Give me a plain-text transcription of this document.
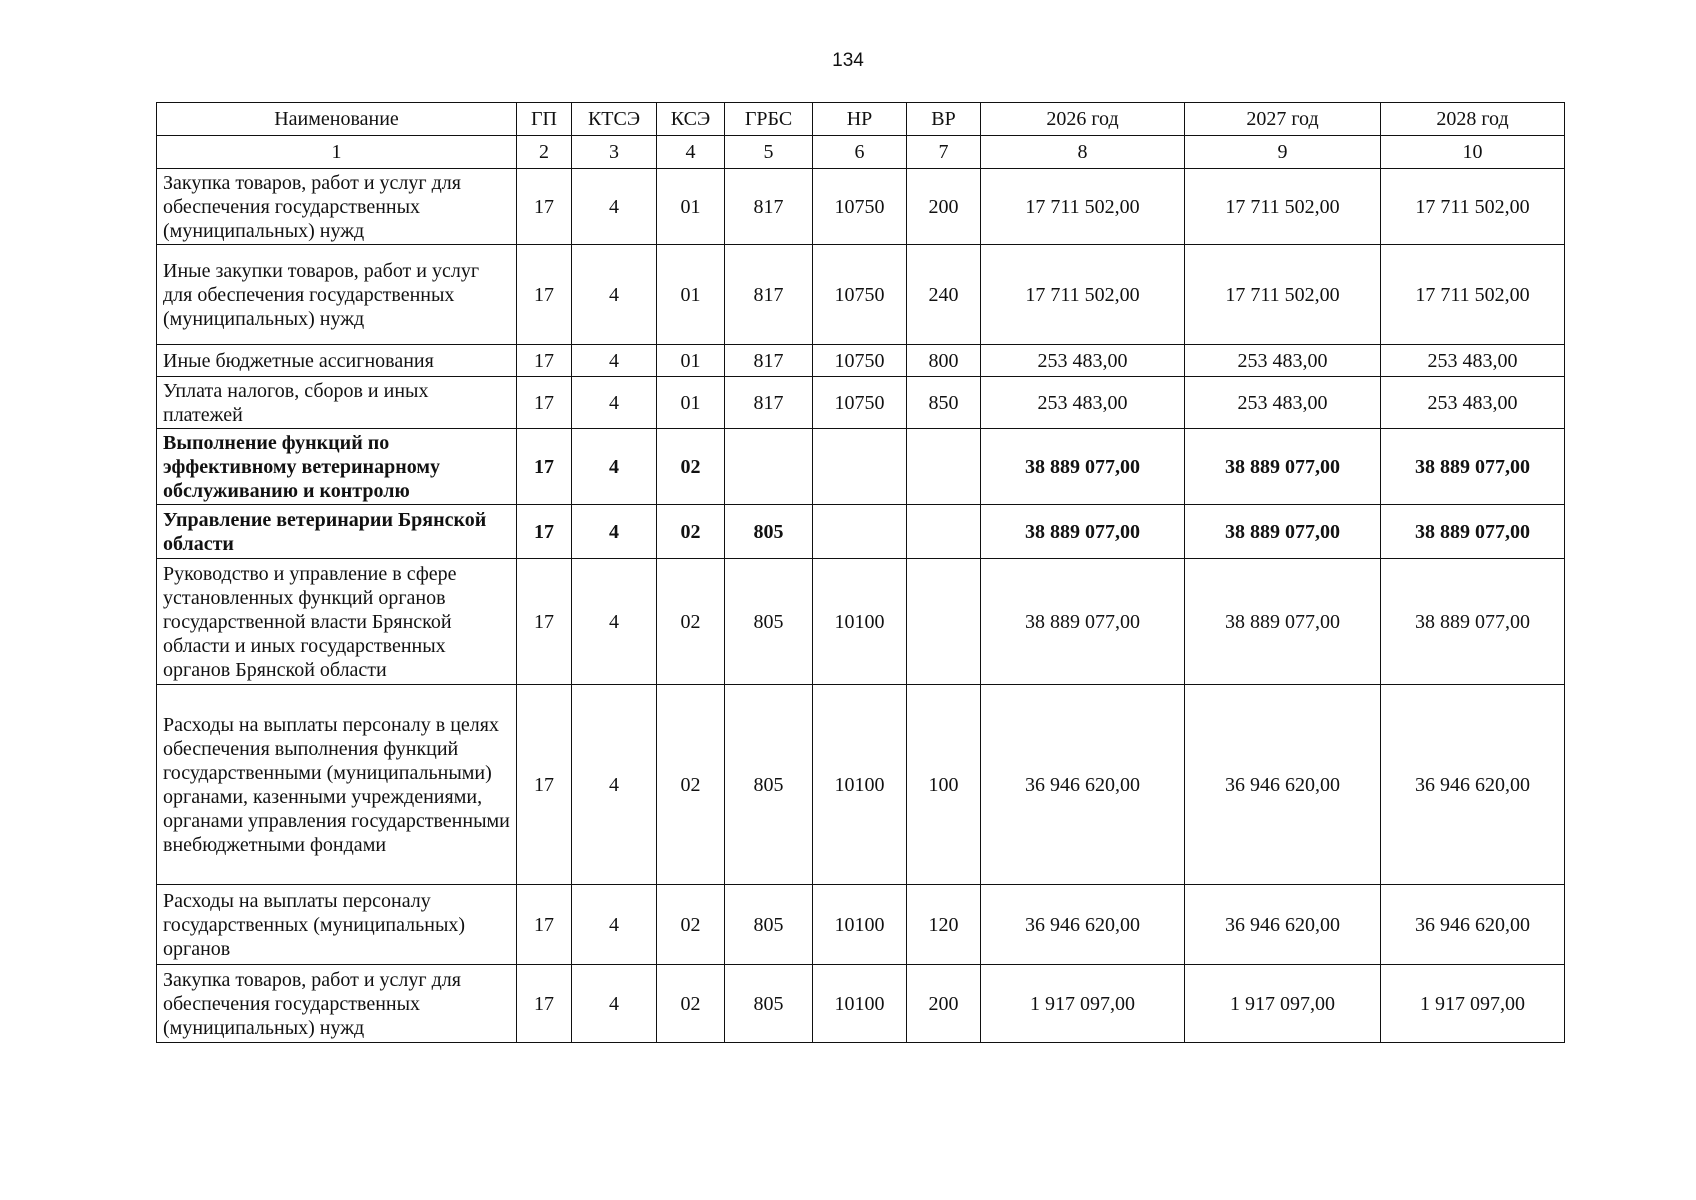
134
Наименование	ГП	КТСЭ	КСЭ	ГРБС	НР	ВР	2026 год	2027 год	2028 год
1	2	3	4	5	6	7	8	9	10
Закупка товаров, работ и услуг для обеспечения государственных (муниципальных) нужд	17	4	01	817	10750	200	17 711 502,00	17 711 502,00	17 711 502,00
Иные закупки товаров, работ и услуг для обеспечения государственных (муниципальных) нужд	17	4	01	817	10750	240	17 711 502,00	17 711 502,00	17 711 502,00
Иные бюджетные ассигнования	17	4	01	817	10750	800	253 483,00	253 483,00	253 483,00
Уплата налогов, сборов и иных платежей	17	4	01	817	10750	850	253 483,00	253 483,00	253 483,00
Выполнение функций по эффективному ветеринарному обслуживанию и контролю	17	4	02				38 889 077,00	38 889 077,00	38 889 077,00
Управление ветеринарии Брянской области	17	4	02	805			38 889 077,00	38 889 077,00	38 889 077,00
Руководство и управление в сфере установленных функций органов государственной власти Брянской области и иных государственных органов Брянской области	17	4	02	805	10100		38 889 077,00	38 889 077,00	38 889 077,00
Расходы на выплаты персоналу в целях обеспечения выполнения функций государственными (муниципальными) органами, казенными учреждениями, органами управления государственными внебюджетными фондами	17	4	02	805	10100	100	36 946 620,00	36 946 620,00	36 946 620,00
Расходы на выплаты персоналу государственных (муниципальных) органов	17	4	02	805	10100	120	36 946 620,00	36 946 620,00	36 946 620,00
Закупка товаров, работ и услуг для обеспечения государственных (муниципальных) нужд	17	4	02	805	10100	200	1 917 097,00	1 917 097,00	1 917 097,00
